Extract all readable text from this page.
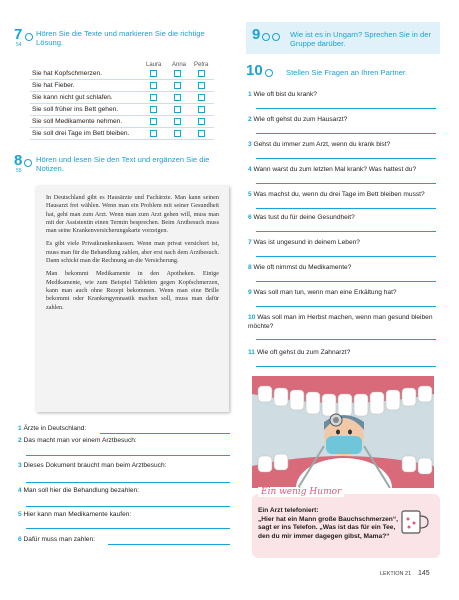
7
54
Hören Sie die Texte und markieren Sie die richtige Lösung.
Laura Anna Petra
Sie hat Kopfschmerzen.
Sie hat Fieber.
Sie kann nicht gut schlafen.
Sie soll früher ins Bett gehen.
Sie soll Medikamente nehmen.
Sie soll drei Tage im Bett bleiben.
8
55
Hören und lesen Sie den Text und ergänzen Sie die Notizen.

In Deutschland gibt es Hausärzte und Fachärzte. Man kann seinen Hausarzt frei wählen. Wenn man ein Problem mit seiner Gesundheit hat, geht man zum Arzt. Wenn man zum Arzt gehen will, muss man mit der Assistentin einen Termin besprechen. Beim Arztbesuch muss man seine Krankenversicherungskarte vorzeigen.

Es gibt viele Privatkrankenkassen. Wenn man privat versichert ist, muss man für die Behandlung zahlen, aber erst nach dem Arztbesuch. Dann schickt man die Rechnung an die Versicherung.

Man bekommt Medikamente in den Apotheken. Einige Medikamente, wie zum Beispiel Tabletten gegen Kopfschmerzen, kann man auch ohne Rezept bekommen. Wenn man eine Brille bekommt oder Krankengymnastik machen soll, muss man dafür zahlen.

1 Ärzte in Deutschland:
2 Das macht man vor einem Arztbesuch:
3 Dieses Dokument braucht man beim Arztbesuch:
4 Man soll hier die Behandlung bezahlen:
5 Hier kann man Medikamente kaufen:
6 Dafür muss man zahlen:
9	Wie ist es in Ungarn? Sprechen Sie in der Gruppe darüber.
10	Stellen Sie Fragen an Ihren Partner.
1 Wie oft bist du krank?
2 Wie oft gehst du zum Hausarzt?
3 Gehst du immer zum Arzt, wenn du krank bist?
4 Wann warst du zum letzten Mal krank? Was hattest du?
5 Was machst du, wenn du drei Tage im Bett bleiben musst?
6 Was tust du für deine Gesundheit?
7 Was ist ungesund in deinem Leben?
8 Wie oft nimmst du Medikamente?
9 Was soll man tun, wenn man eine Erkältung hat?
10 Was soll man im Herbst machen, wenn man gesund bleiben möchte?
11 Wie oft gehst du zum Zahnarzt?
Ein wenig Humor
Ein Arzt telefoniert:
„Hier hat ein Mann große Bauchschmerzen“, sagt er ins Telefon. „Was ist das für ein Tee, den du mir immer dagegen gibst, Mama?“
LEKTION 21 145
